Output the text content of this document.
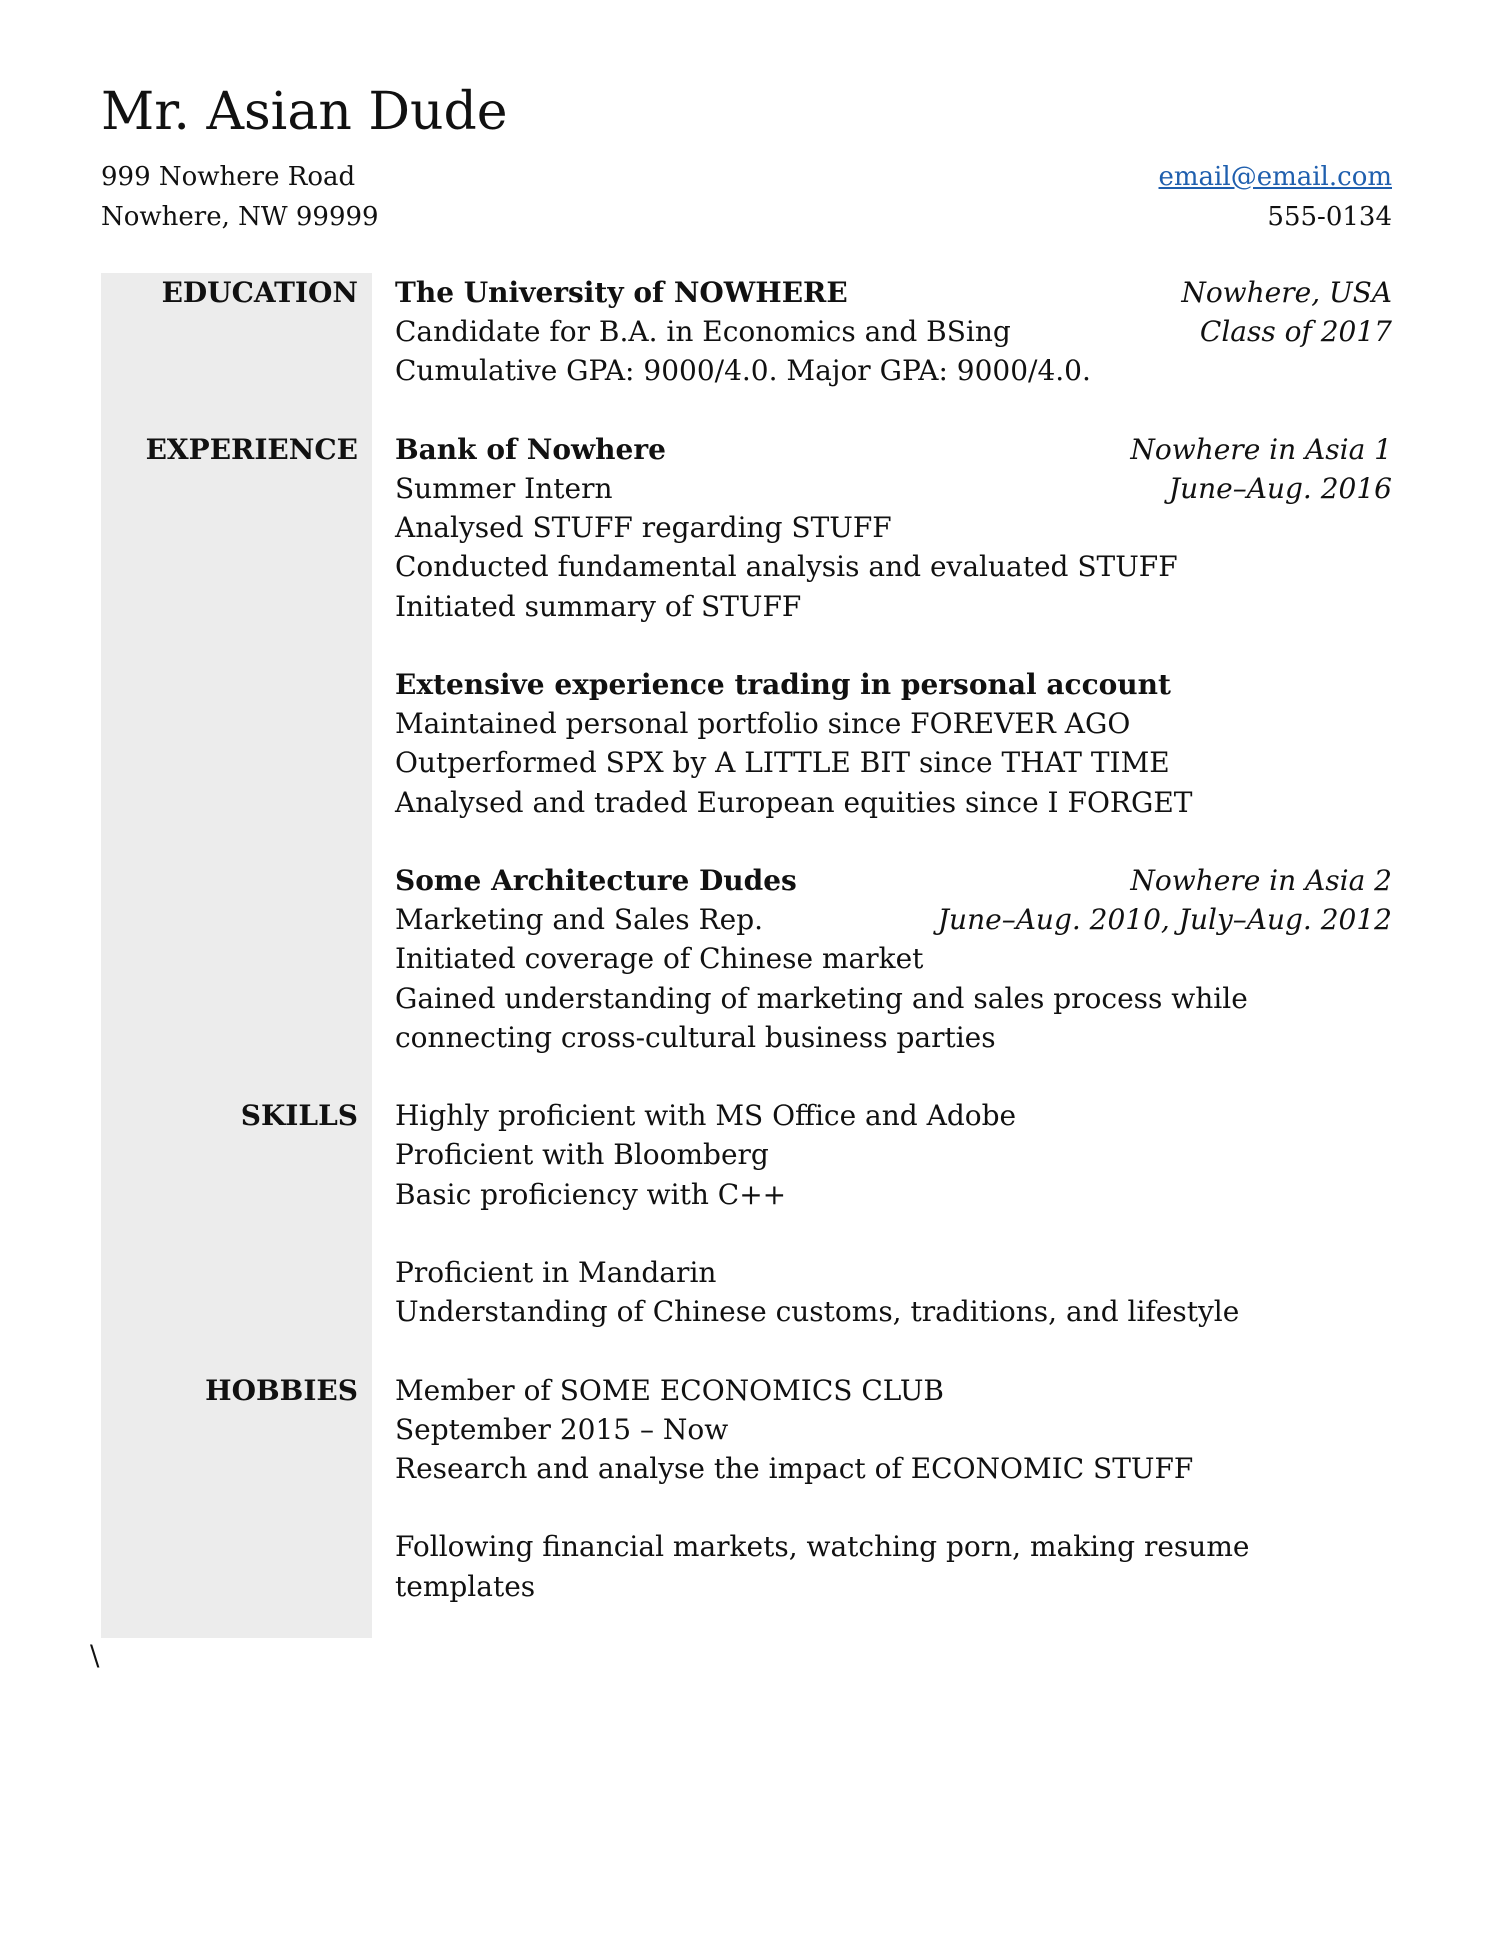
Mr. Asian Dude
999 Nowhere Road
Nowhere, NW 99999
email@email.com
555-0134
EDUCATION	The University of NOWHERE	Nowhere, USA
Candidate for B.A. in Economics and BSing	Class of 2017
Cumulative GPA: 9000/4.0. Major GPA: 9000/4.0.
EXPERIENCE	Bank of Nowhere	Nowhere in Asia 1
Summer Intern	June–Aug. 2016
Analysed STUFF regarding STUFF
Conducted fundamental analysis and evaluated STUFF
Initiated summary of STUFF
Extensive experience trading in personal account
Maintained personal portfolio since FOREVER AGO
Outperformed SPX by A LITTLE BIT since THAT TIME
Analysed and traded European equities since I FORGET
Some Architecture Dudes	Nowhere in Asia 2
Marketing and Sales Rep.	June–Aug. 2010, July–Aug. 2012
Initiated coverage of Chinese market
Gained understanding of marketing and sales process while
connecting cross-cultural business parties
SKILLS	Highly proficient with MS Office and Adobe
Proficient with Bloomberg
Basic proficiency with C++
Proficient in Mandarin
Understanding of Chinese customs, traditions, and lifestyle
HOBBIES	Member of SOME ECONOMICS CLUB
September 2015 – Now
Research and analyse the impact of ECONOMIC STUFF
Following financial markets, watching porn, making resume
templates
\
